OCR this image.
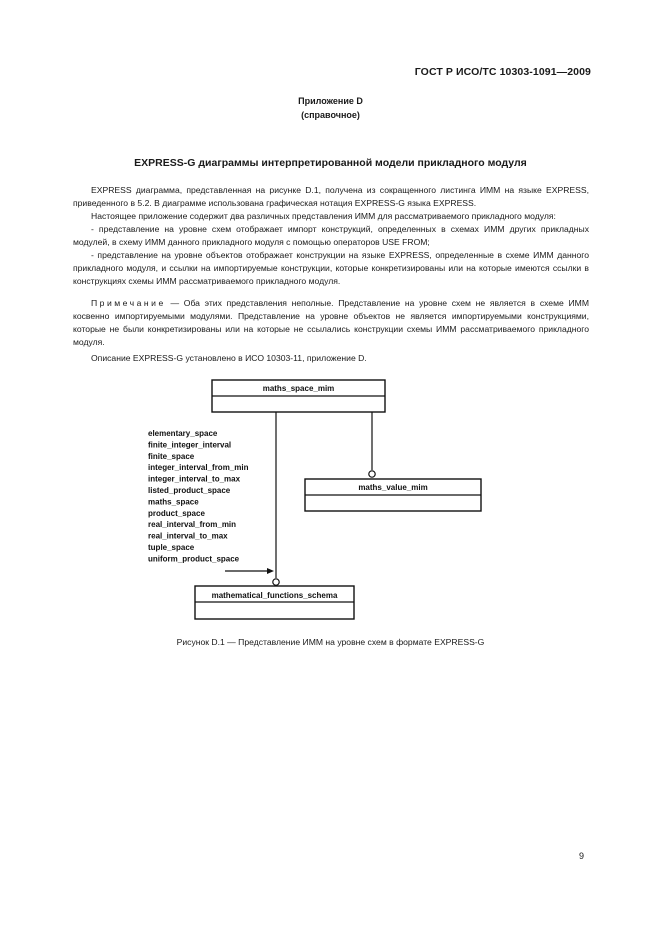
ГОСТ Р ИСО/ТС 10303-1091—2009
Приложение D
(справочное)
EXPRESS-G диаграммы интерпретированной модели прикладного модуля

EXPRESS диаграмма, представленная на рисунке D.1, получена из сокращенного листинга ИММ на языке EXPRESS, приведенного в 5.2. В диаграмме использована графическая нотация EXPRESS-G языка EXPRESS.

Настоящее приложение содержит два различных представления ИММ для рассматриваемого прикладного модуля:

- представление на уровне схем отображает импорт конструкций, определенных в схемах ИММ других прикладных модулей, в схему ИММ данного прикладного модуля с помощью операторов USE FROM;

- представление на уровне объектов отображает конструкции на языке EXPRESS, определенные в схеме ИММ данного прикладного модуля, и ссылки на импортируемые конструкции, которые конкретизированы или на которые имеются ссылки в конструкциях схемы ИММ рассматриваемого прикладного модуля.

Примечание — Оба этих представления неполные. Представление на уровне схем не является в схеме ИММ косвенно импортируемыми модулями. Представление на уровне объектов не является импортируемыми конструкциями, которые не были конкретизированы или на которые не ссылались конструкции схемы ИММ рассматриваемого прикладного модуля.

Описание EXPRESS-G установлено в ИСО 10303-11, приложение D.

maths_space_mim
maths_value_mim
mathematical_functions_schema
elementary_space
finite_integer_interval
finite_space
integer_interval_from_min
integer_interval_to_max
listed_product_space
maths_space
product_space
real_interval_from_min
real_interval_to_max
tuple_space
uniform_product_space
Рисунок D.1 — Представление ИММ на уровне схем в формате EXPRESS-G
9
